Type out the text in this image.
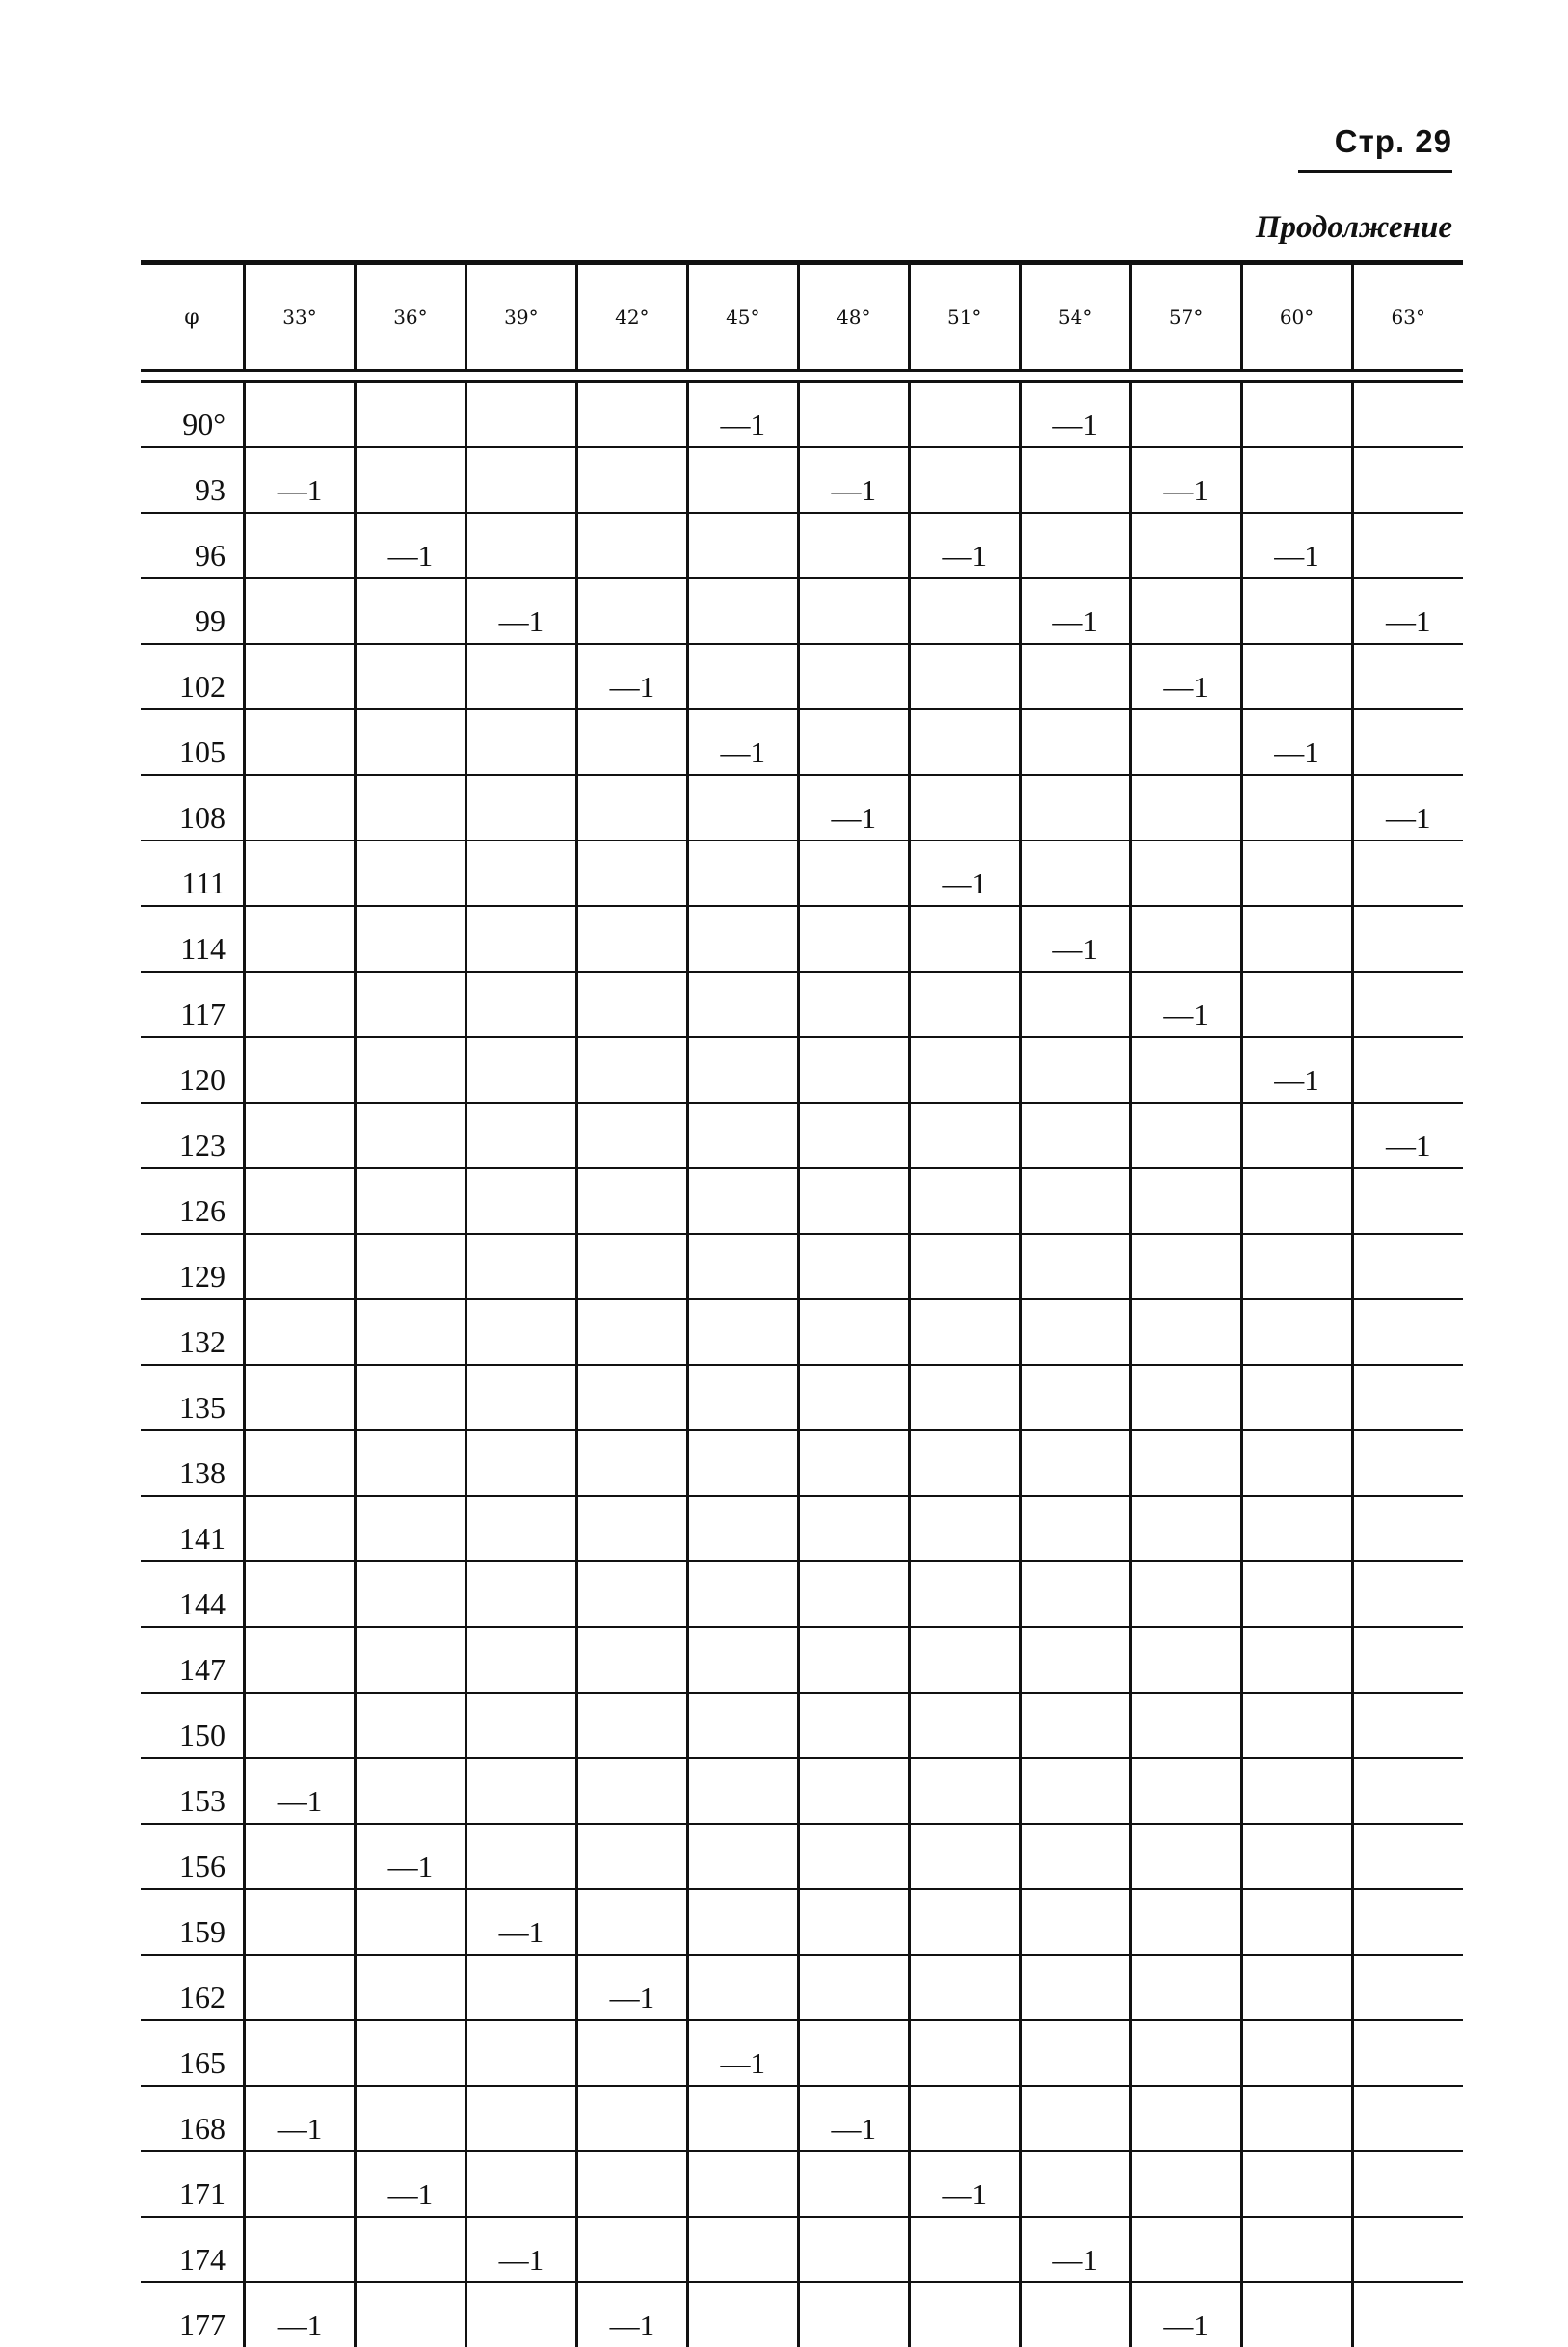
Стр. 29
Продолжение
φ	33°	36°	39°	42°	45°	48°	51°	54°	57°	60°	63°

90°					—1			—1			
93	—1					—1			—1		
96		—1					—1			—1	
99			—1					—1			—1
102				—1					—1		
105					—1					—1	
108						—1					—1
111							—1				
114								—1			
117									—1		
120										—1	
123											—1
126											
129											
132											
135											
138											
141											
144											
147											
150											
153	—1										
156		—1									
159			—1								
162				—1							
165					—1						
168	—1					—1					
171		—1					—1				
174			—1					—1			
177	—1			—1					—1		
